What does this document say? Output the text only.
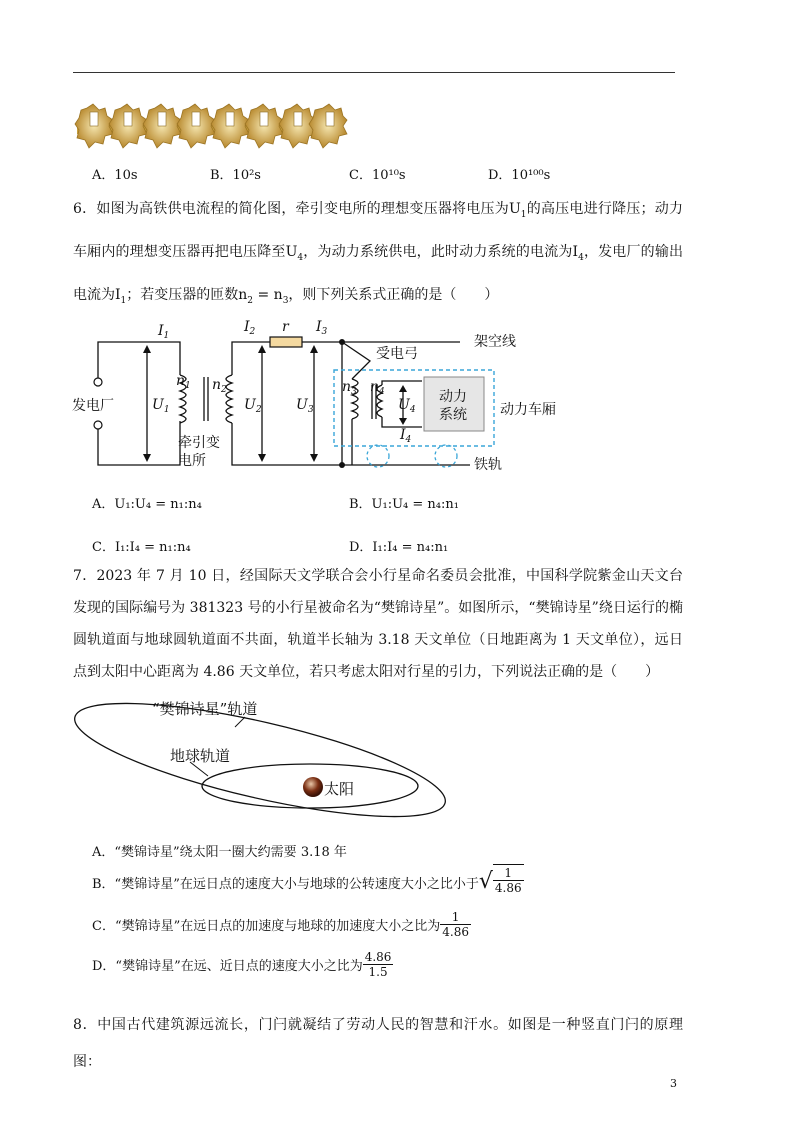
A．10s	B．10²s	C．10¹⁰s	D．10¹⁰⁰s
6．如图为高铁供电流程的简化图，牵引变电所的理想变压器将电压为$U_1$的高压电进行降压；动力车厢内的理想变压器再把电压降至$U_4$，为动力系统供电，此时动力系统的电流为$I_4$，发电厂的输出电流为$I_1$；若变压器的匝数$n_2 = n_3$，则下列关系式正确的是（　　）
发电厂
牵引变
电所
架空线
受电弓
动力
系统 动力车厢
铁轨
$I_1$
$I_2$	$I_3$
$I_4$
r
$U_1$	$U_2$ $U_3$	$U_4$
$n_1$ $n_2$	$n_3$ $n_4$
A．U₁:U₄ = n₁:n₄	B．U₁:U₄ = n₄:n₁
C．I₁:I₄ = n₁:n₄	D．I₁:I₄ = n₄:n₁
7．2023 年 7 月 10 日，经国际天文学联合会小行星命名委员会批准，中国科学院紫金山天文台发现的国际编号为 381323 号的小行星被命名为“樊锦诗星”。如图所示，“樊锦诗星”绕日运行的椭圆轨道面与地球圆轨道面不共面，轨道半长轴为 3.18 天文单位（日地距离为 1 天文单位），远日点到太阳中心距离为 4.86 天文单位，若只考虑太阳对行星的引力，下列说法正确的是（　　）
“樊锦诗星”轨道
地球轨道
太阳
A．“樊锦诗星”绕太阳一圈大约需要 3.18 年
B．“樊锦诗星”在远日点的速度大小与地球的公转速度大小之比小于 √ $\frac{1}{4.86}$
C．“樊锦诗星”在远日点的加速度与地球的加速度大小之比为 $\frac{1}{4.86}$
D．“樊锦诗星”在远、近日点的速度大小之比为 $\frac{4.86}{1.5}$
8．中国古代建筑源远流长，门闩就凝结了劳动人民的智慧和汗水。如图是一种竖直门闩的原理图：
3
